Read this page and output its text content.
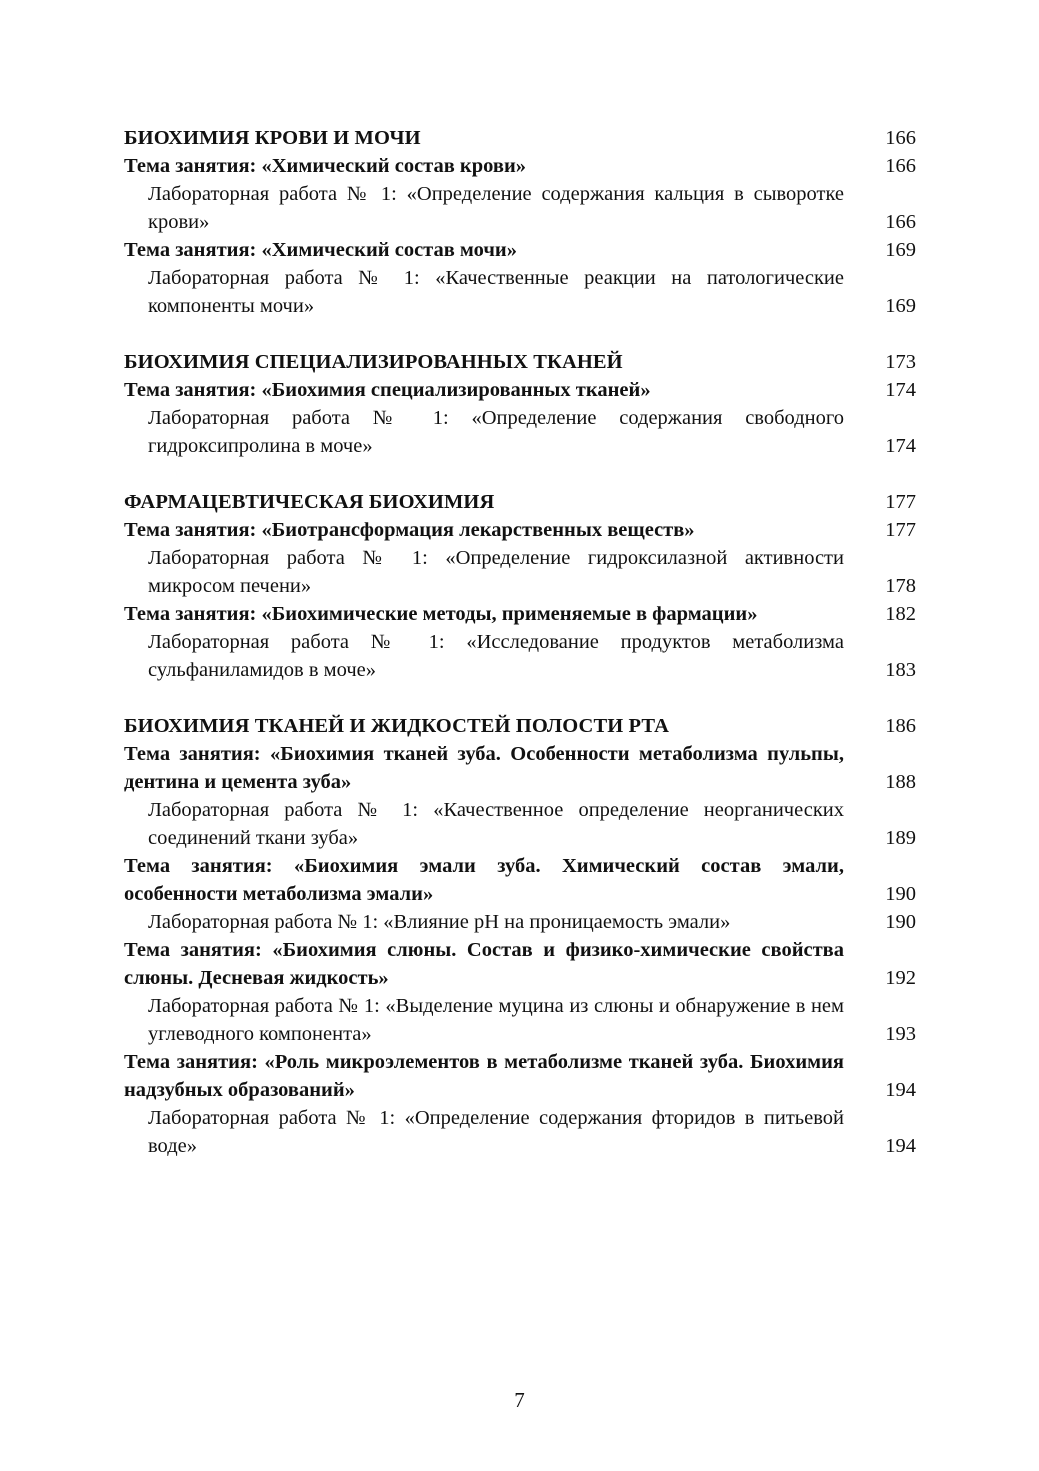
БИОХИМИЯ КРОВИ И МОЧИ	166
Тема занятия: «Химический состав крови»	166
Лабораторная работа № 1: «Определение содержания кальция в сыворотке крови»	166
Тема занятия: «Химический состав мочи»	169
Лабораторная работа № 1: «Качественные реакции на патологические компоненты мочи»	169
БИОХИМИЯ СПЕЦИАЛИЗИРОВАННЫХ ТКАНЕЙ	173
Тема занятия: «Биохимия специализированных тканей»	174
Лабораторная работа № 1: «Определение содержания свободного гидроксипролина в моче»	174
ФАРМАЦЕВТИЧЕСКАЯ БИОХИМИЯ	177
Тема занятия: «Биотрансформация лекарственных веществ»	177
Лабораторная работа № 1: «Определение гидроксилазной активности микросом печени»	178
Тема занятия: «Биохимические методы, применяемые в фармации»	182
Лабораторная работа № 1: «Исследование продуктов метаболизма сульфаниламидов в моче»	183
БИОХИМИЯ ТКАНЕЙ И ЖИДКОСТЕЙ ПОЛОСТИ РТА	186
Тема занятия: «Биохимия тканей зуба. Особенности метаболизма пульпы, дентина и цемента зуба»	188
Лабораторная работа № 1: «Качественное определение неорганических соединений ткани зуба»	189
Тема занятия: «Биохимия эмали зуба. Химический состав эмали, особенности метаболизма эмали»	190
Лабораторная работа № 1: «Влияние рН на проницаемость эмали»	190
Тема занятия: «Биохимия слюны. Состав и физико-химические свойства слюны. Десневая жидкость»	192
Лабораторная работа № 1: «Выделение муцина из слюны и обнаружение в нем углеводного компонента»	193
Тема занятия: «Роль микроэлементов в метаболизме тканей зуба. Биохимия надзубных образований»	194
Лабораторная работа № 1: «Определение содержания фторидов в питьевой воде»	194
7
